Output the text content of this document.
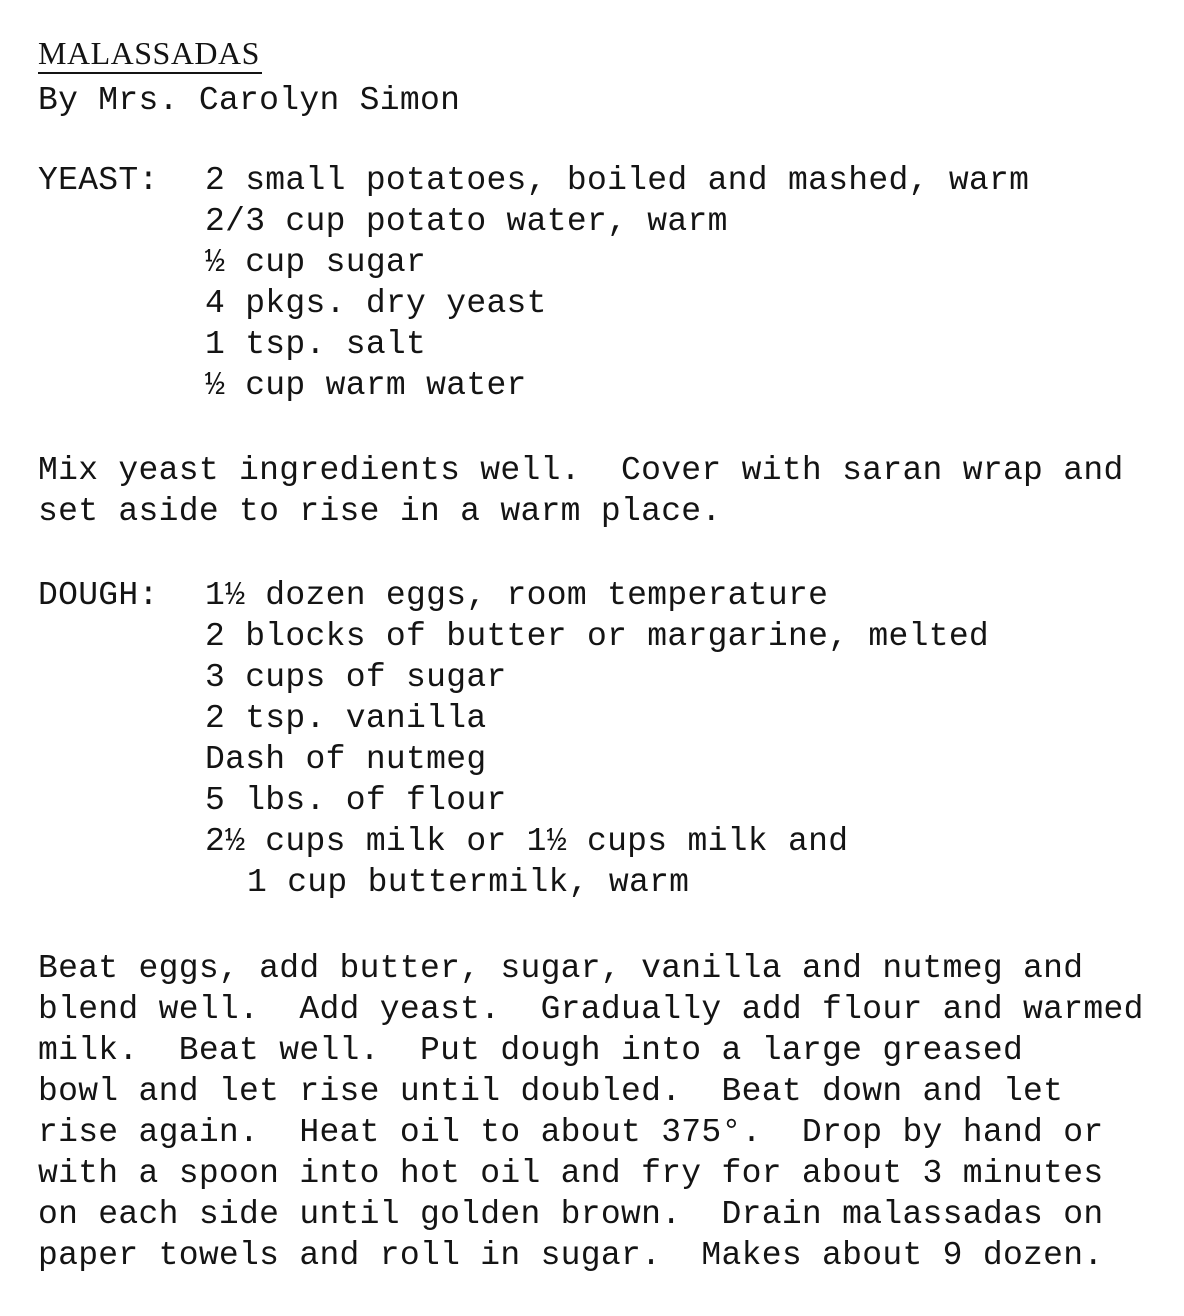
MALASSADAS
By Mrs. Carolyn Simon
YEAST: 2 small potatoes, boiled and mashed, warm
2/3 cup potato water, warm
½ cup sugar
4 pkgs. dry yeast
1 tsp. salt
½ cup warm water
Mix yeast ingredients well.  Cover with saran wrap and
set aside to rise in a warm place.
DOUGH: 1½ dozen eggs, room temperature
2 blocks of butter or margarine, melted
3 cups of sugar
2 tsp. vanilla
Dash of nutmeg
5 lbs. of flour
2½ cups milk or 1½ cups milk and
1 cup buttermilk, warm
Beat eggs, add butter, sugar, vanilla and nutmeg and
blend well.  Add yeast.  Gradually add flour and warmed
milk.  Beat well.  Put dough into a large greased
bowl and let rise until doubled.  Beat down and let
rise again.  Heat oil to about 375°.  Drop by hand or
with a spoon into hot oil and fry for about 3 minutes
on each side until golden brown.  Drain malassadas on
paper towels and roll in sugar.  Makes about 9 dozen.
